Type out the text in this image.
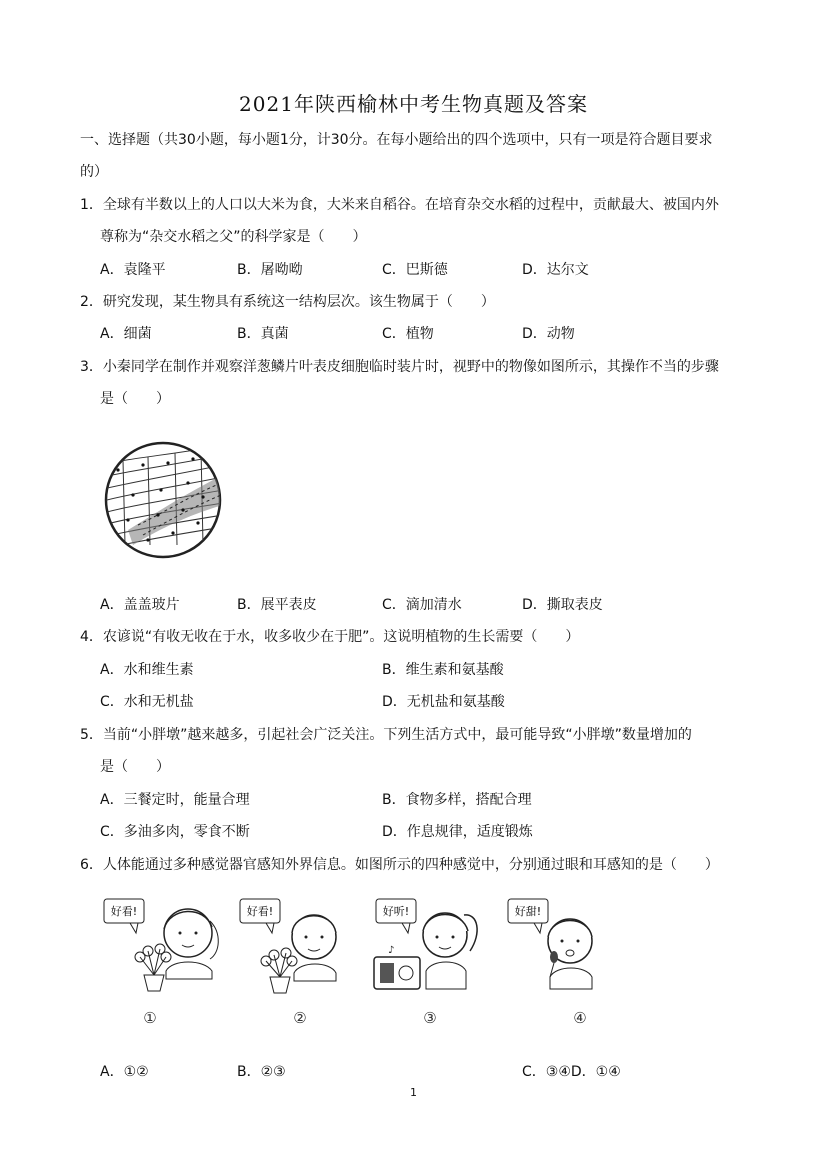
2021年陕西榆林中考生物真题及答案
一、选择题（共30小题，每小题1分，计30分。在每小题给出的四个选项中，只有一项是符合题目要求
的）
1．全球有半数以上的人口以大米为食，大米来自稻谷。在培育杂交水稻的过程中，贡献最大、被国内外
尊称为“杂交水稻之父”的科学家是（　　）
A．袁隆平	B．屠呦呦	C．巴斯德	D．达尔文
2．研究发现，某生物具有系统这一结构层次。该生物属于（　　）
A．细菌	B．真菌	C．植物	D．动物
3．小秦同学在制作并观察洋葱鳞片叶表皮细胞临时装片时，视野中的物像如图所示，其操作不当的步骤
是（　　）
A．盖盖玻片	B．展平表皮	C．滴加清水	D．撕取表皮
4．农谚说“有收无收在于水，收多收少在于肥”。这说明植物的生长需要（　　）
A．水和维生素	B．维生素和氨基酸
C．水和无机盐	D．无机盐和氨基酸
5．当前“小胖墩”越来越多，引起社会广泛关注。下列生活方式中，最可能导致“小胖墩”数量增加的
是（　　）
A．三餐定时，能量合理	B．食物多样，搭配合理
C．多油多肉，零食不断	D．作息规律，适度锻炼
6．人体能通过多种感觉器官感知外界信息。如图所示的四种感觉中，分别通过眼和耳感知的是（　　）
好看!	好看!	好听!
♪
好甜!
①	②	③	④
A．①②	B．②③	C．③④D．①④
1
